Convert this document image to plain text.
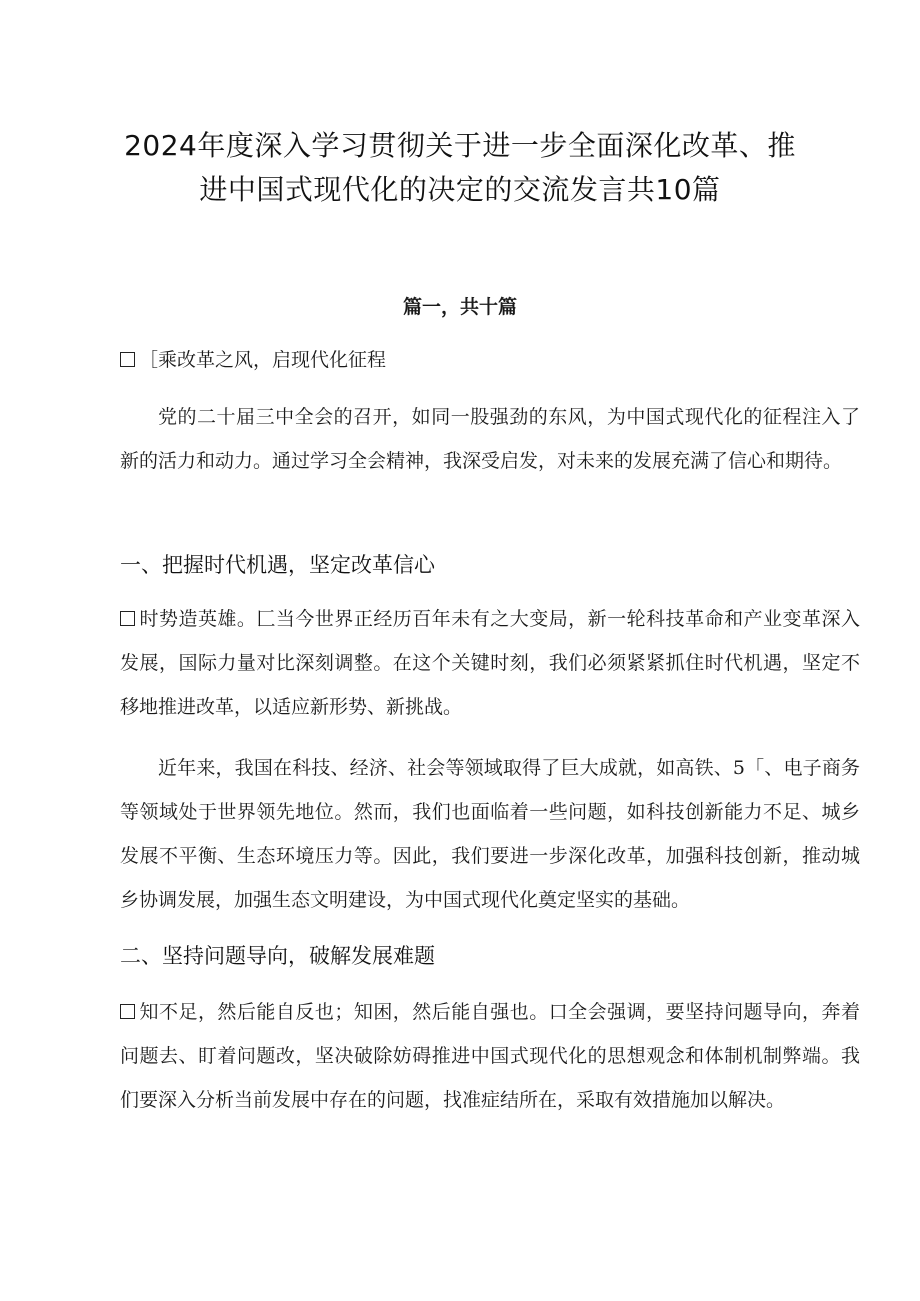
2024年度深入学习贯彻关于进一步全面深化改革、推
进中国式现代化的决定的交流发言共10篇
篇一，共十篇
［乘改革之风，启现代化征程
党的二十届三中全会的召开，如同一股强劲的东风，为中国式现代化的征程注入了新的活力和动力。通过学习全会精神，我深受启发，对未来的发展充满了信心和期待。
一、把握时代机遇，坚定改革信心
时势造英雄。匚当今世界正经历百年未有之大变局，新一轮科技革命和产业变革深入发展，国际力量对比深刻调整。在这个关键时刻，我们必须紧紧抓住时代机遇，坚定不移地推进改革，以适应新形势、新挑战。
近年来，我国在科技、经济、社会等领域取得了巨大成就，如高铁、5「、电子商务等领域处于世界领先地位。然而，我们也面临着一些问题，如科技创新能力不足、城乡发展不平衡、生态环境压力等。因此，我们要进一步深化改革，加强科技创新，推动城乡协调发展，加强生态文明建设，为中国式现代化奠定坚实的基础。
二、坚持问题导向，破解发展难题
知不足，然后能自反也；知困，然后能自强也。口全会强调，要坚持问题导向，奔着问题去、盯着问题改，坚决破除妨碍推进中国式现代化的思想观念和体制机制弊端。我们要深入分析当前发展中存在的问题，找准症结所在，采取有效措施加以解决。
